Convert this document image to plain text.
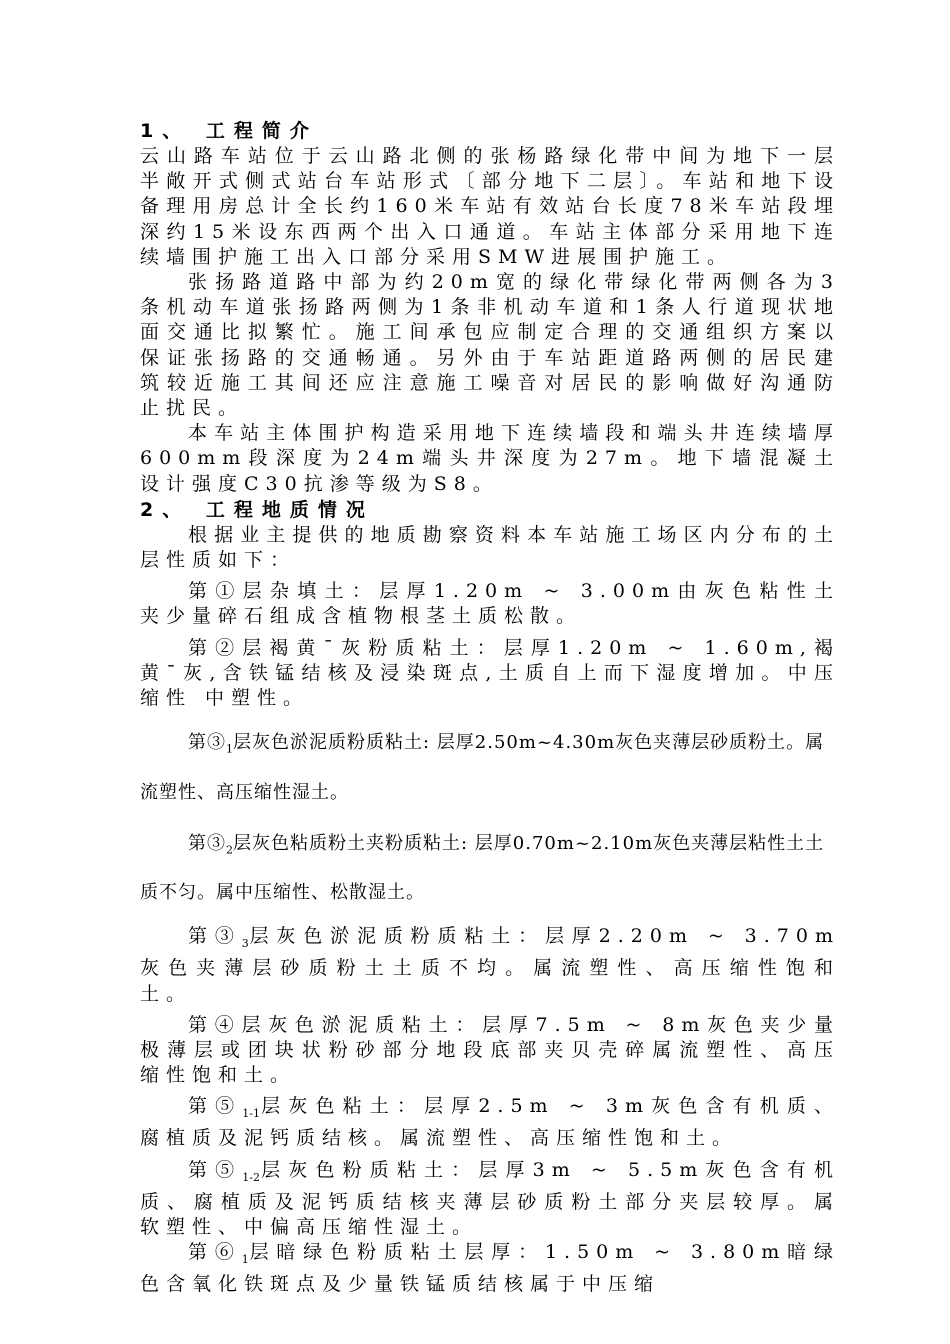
1、 工程简介

云山路车站位于云山路北侧的张杨路绿化带中间为地下一层半敞开式侧式站台车站形式〔部分地下二层〕。车站和地下设备理用房总计全长约160米车站有效站台长度78米车站段埋深约15米设东西两个出入口通道。车站主体部分采用地下连续墙围护施工出入口部分采用SMW进展围护施工。

张扬路道路中部为约20m宽的绿化带绿化带两侧各为3条机动车道张扬路两侧为1条非机动车道和1条人行道现状地面交通比拟繁忙。施工间承包应制定合理的交通组织方案以保证张扬路的交通畅通。另外由于车站距道路两侧的居民建筑较近施工其间还应注意施工噪音对居民的影响做好沟通防止扰民。

本车站主体围护构造采用地下连续墙段和端头井连续墙厚600mm段深度为24m端头井深度为27m。地下墙混凝土设计强度C30抗渗等级为S8。

2、 工程地质情况

根据业主提供的地质勘察资料本车站施工场区内分布的土层性质如下：

第①层杂填土：层厚1.20m ~ 3.00m由灰色粘性土夹少量碎石组成含植物根茎土质松散。

第②层褐黄¯灰粉质粘土：层厚1.20m ~ 1.60m,褐黄¯灰,含铁锰结核及浸染斑点,土质自上而下湿度增加。中压缩性 中塑性。

第$③_1$层灰色淤泥质粉质粘土: 层厚2.50m~4.30m灰色夹薄层砂质粉土。属流塑性、高压缩性湿土。

第$③_2$层灰色粘质粉土夹粉质粘土: 层厚0.70m~2.10m灰色夹薄层粘性土土质不匀。属中压缩性、松散湿土。

第$③_3$层灰色淤泥质粉质粘土：层厚2.20m ~ 3.70m灰色夹薄层砂质粉土土质不均。属流塑性、高压缩性饱和土。

第④层灰色淤泥质粘土：层厚7.5m ~ 8m灰色夹少量极薄层或团块状粉砂部分地段底部夹贝壳碎属流塑性、高压缩性饱和土。

第$⑤_{1-1}$层灰色粘土：层厚2.5m ~ 3m灰色含有机质、腐植质及泥钙质结核。属流塑性、高压缩性饱和土。

第$⑤_{1-2}$层灰色粉质粘土：层厚3m ~ 5.5m灰色含有机质、腐植质及泥钙质结核夹薄层砂质粉土部分夹层较厚。属软塑性、中偏高压缩性湿土。

第$⑥_1$层暗绿色粉质粘土层厚：1.50m ~ 3.80m暗绿色含氧化铁斑点及少量铁锰质结核属于中压缩
